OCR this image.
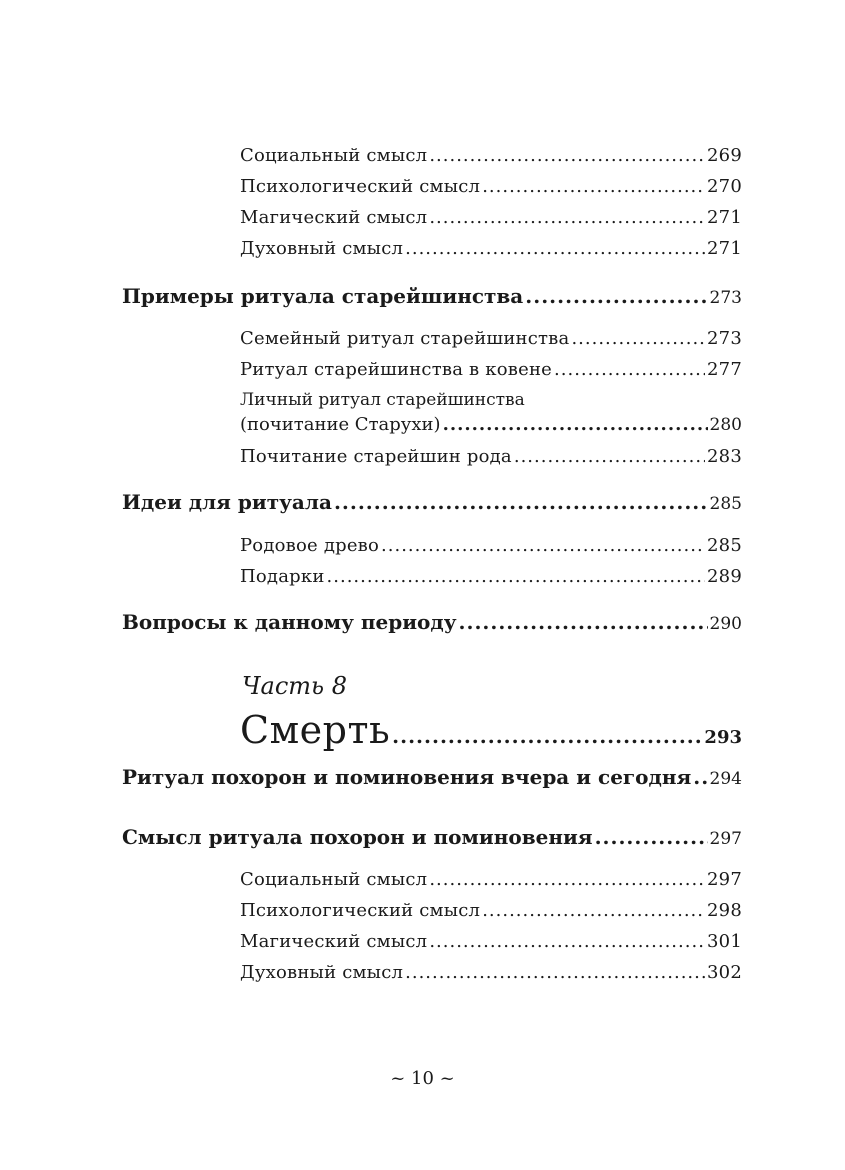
Социальный смысл .....	269
Психологический смысл .....	270
Магический смысл .....	271
Духовный смысл .....	271
Примеры ритуала старейшинства .....	273
Семейный ритуал старейшинства .....	273
Ритуал старейшинства в ковене .....	277
Личный ритуал старейшинства
(почитание Старухи) .....	280
Почитание старейшин рода .....	283
Идеи для ритуала .....	285
Родовое древо .....	285
Подарки .....	289
Вопросы к данному периоду .....	290
Часть 8
Смерть .....	293
Ритуал похорон и поминовения вчера и сегодня ..... 294
Смысл ритуала похорон и поминовения .....	297
Социальный смысл .....	297
Психологический смысл .....	298
Магический смысл .....	301
Духовный смысл .....	302
~ 10 ~
